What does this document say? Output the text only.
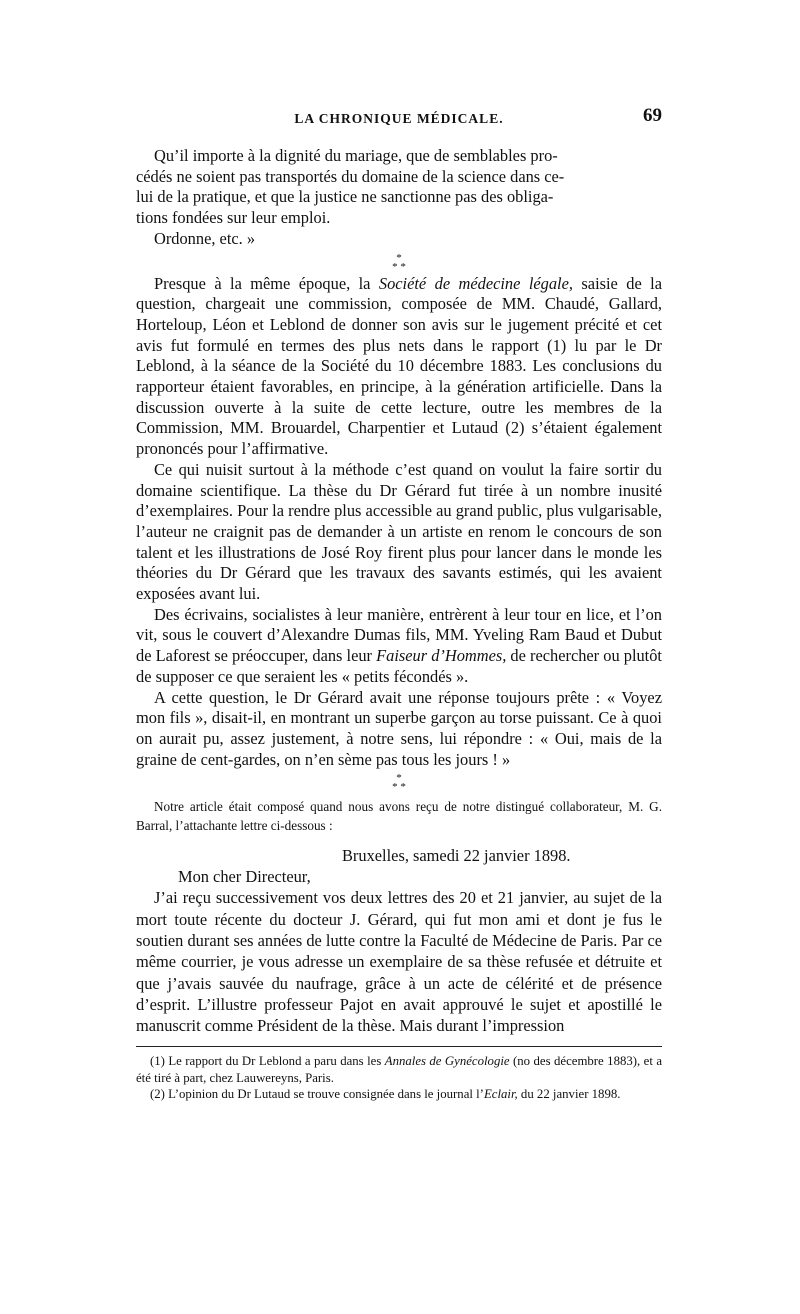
LA CHRONIQUE MÉDICALE.	69

Qu’il importe à la dignité du mariage, que de semblables pro-
cédés ne soient pas transportés du domaine de la science dans ce-
lui de la pratique, et que la justice ne sanctionne pas des obliga-
tions fondées sur leur emploi.

Ordonne, etc. »

*
* *

Presque à la même époque, la Société de médecine légale, saisie de la question, chargeait une commission, composée de MM. Chaudé, Gallard, Horteloup, Léon et Leblond de donner son avis sur le jugement précité et cet avis fut formulé en termes des plus nets dans le rapport (1) lu par le Dr Leblond, à la séance de la Société du 10 décembre 1883. Les conclusions du rapporteur étaient favorables, en principe, à la génération artificielle. Dans la discussion ouverte à la suite de cette lecture, outre les membres de la Commission, MM. Brouardel, Charpentier et Lutaud (2) s’étaient également prononcés pour l’affirmative.

Ce qui nuisit surtout à la méthode c’est quand on voulut la faire sortir du domaine scientifique. La thèse du Dr Gérard fut tirée à un nombre inusité d’exemplaires. Pour la rendre plus accessible au grand public, plus vulgarisable, l’auteur ne craignit pas de demander à un artiste en renom le concours de son talent et les illustrations de José Roy firent plus pour lancer dans le monde les théories du Dr Gérard que les travaux des savants estimés, qui les avaient exposées avant lui.

Des écrivains, socialistes à leur manière, entrèrent à leur tour en lice, et l’on vit, sous le couvert d’Alexandre Dumas fils, MM. Yveling Ram Baud et Dubut de Laforest se préoccuper, dans leur Faiseur d’Hommes, de rechercher ou plutôt de supposer ce que seraient les « petits fécondés ».

A cette question, le Dr Gérard avait une réponse toujours prête : « Voyez mon fils », disait-il, en montrant un superbe garçon au torse puissant. Ce à quoi on aurait pu, assez justement, à notre sens, lui répondre : « Oui, mais de la graine de cent-gardes, on n’en sème pas tous les jours ! »

*
* *

Notre article était composé quand nous avons reçu de notre distingué collaborateur, M. G. Barral, l’attachante lettre ci-dessous :

Bruxelles, samedi 22 janvier 1898.

Mon cher Directeur,

J’ai reçu successivement vos deux lettres des 20 et 21 janvier, au sujet de la mort toute récente du docteur J. Gérard, qui fut mon ami et dont je fus le soutien durant ses années de lutte contre la Faculté de Médecine de Paris. Par ce même courrier, je vous adresse un exemplaire de sa thèse refusée et détruite et que j’avais sauvée du naufrage, grâce à un acte de célérité et de présence d’esprit. L’illustre professeur Pajot en avait approuvé le sujet et apostillé le manuscrit comme Président de la thèse. Mais durant l’impression

(1) Le rapport du Dr Leblond a paru dans les Annales de Gynécologie (no des décembre 1883), et a été tiré à part, chez Lauwereyns, Paris.

(2) L’opinion du Dr Lutaud se trouve consignée dans le journal l’Eclair, du 22 janvier 1898.
